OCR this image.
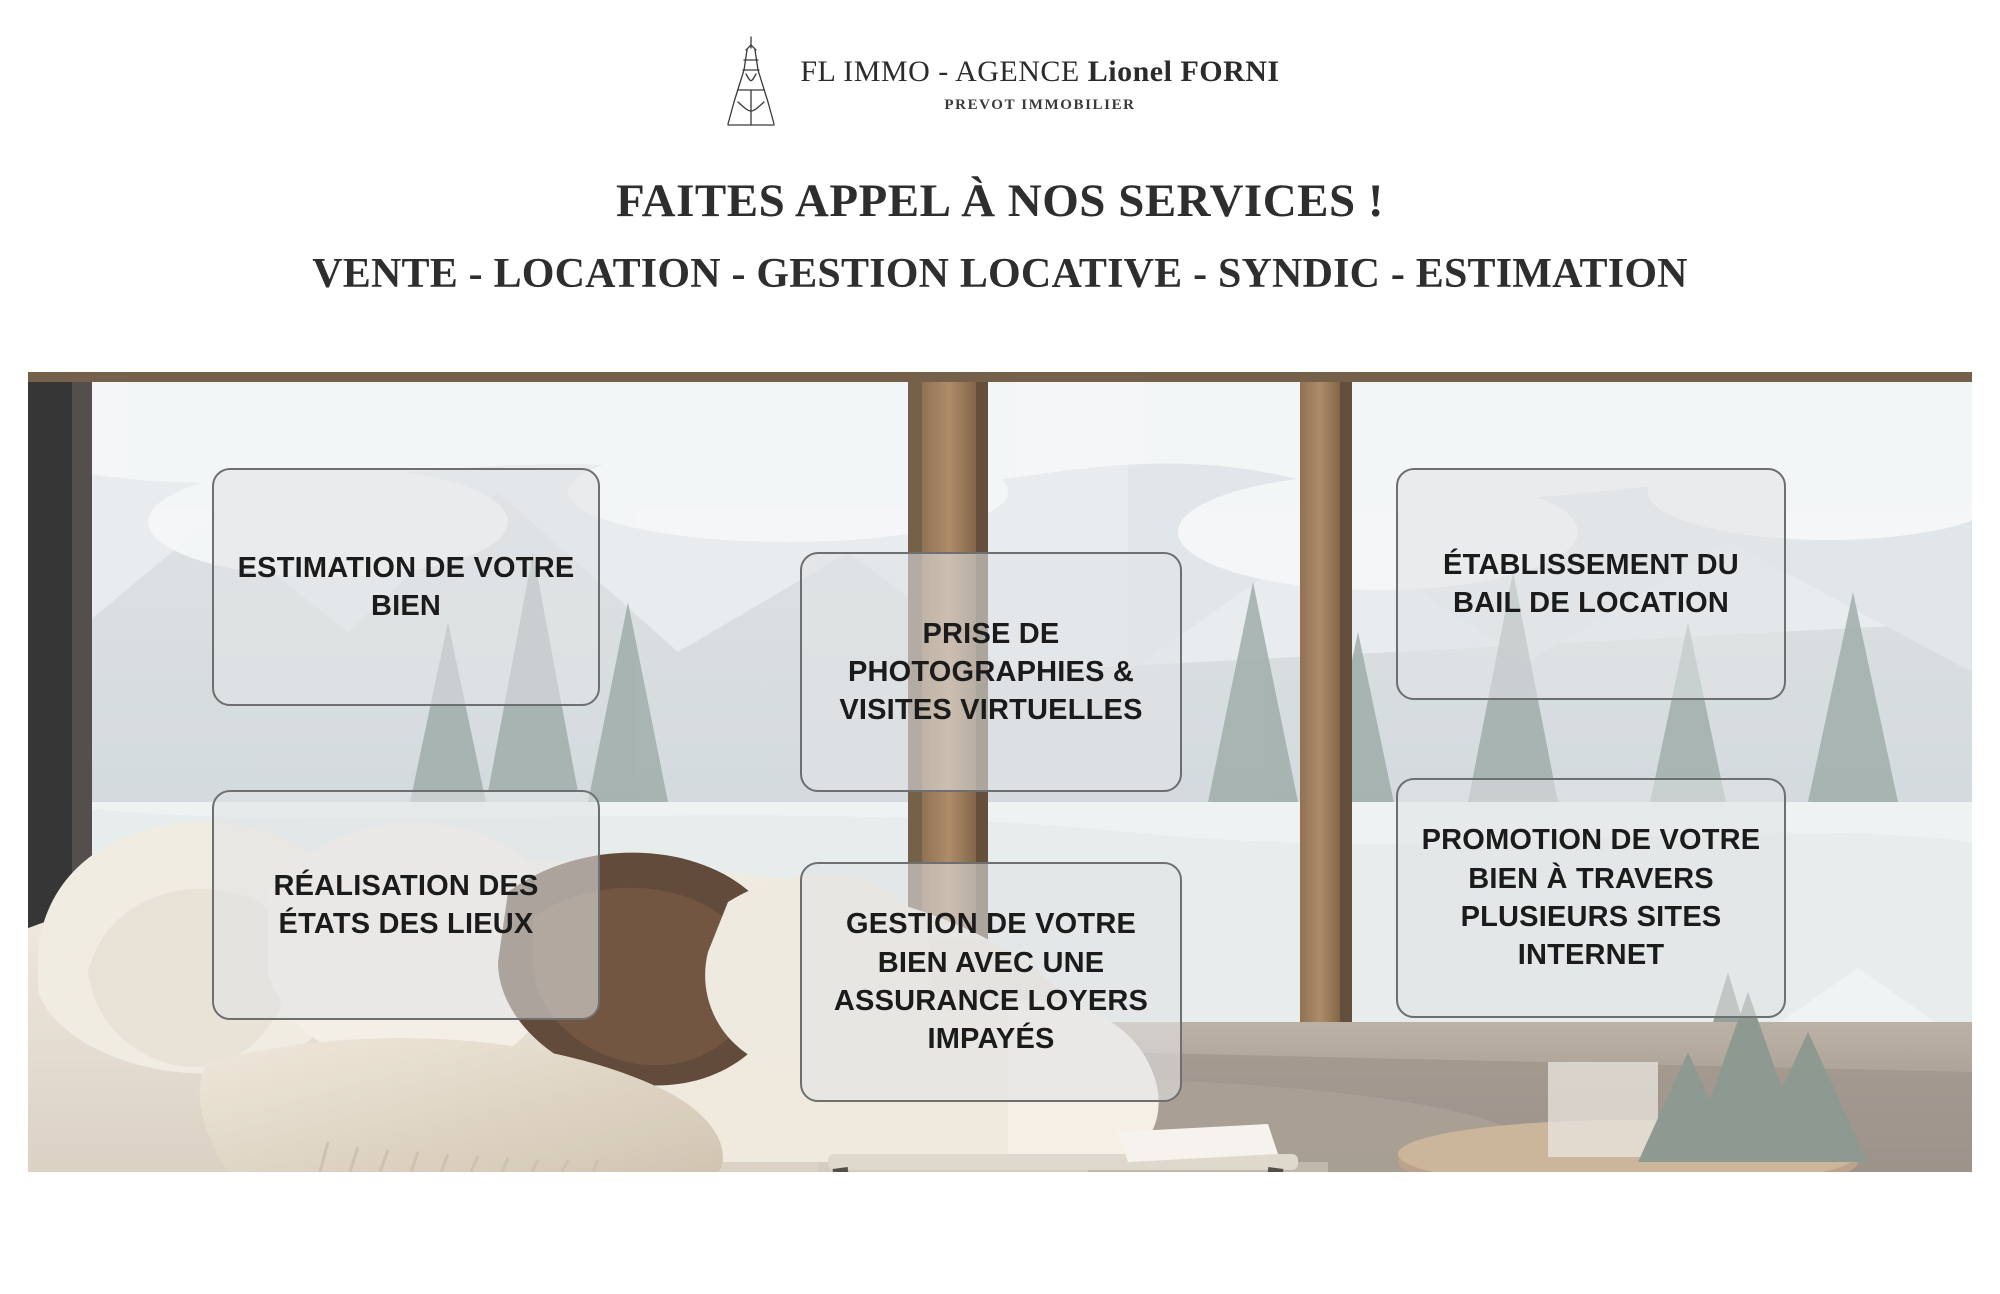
FL IMMO - AGENCE Lionel FORNI
PREVOT IMMOBILIER
FAITES APPEL À NOS SERVICES !
VENTE - LOCATION - GESTION LOCATIVE - SYNDIC - ESTIMATION
ESTIMATION DE VOTRE BIEN
RÉALISATION DES ÉTATS DES LIEUX
PRISE DE PHOTOGRAPHIES & VISITES VIRTUELLES
GESTION DE VOTRE BIEN AVEC UNE ASSURANCE LOYERS IMPAYÉS
ÉTABLISSEMENT DU BAIL DE LOCATION
PROMOTION DE VOTRE BIEN À TRAVERS PLUSIEURS SITES INTERNET
